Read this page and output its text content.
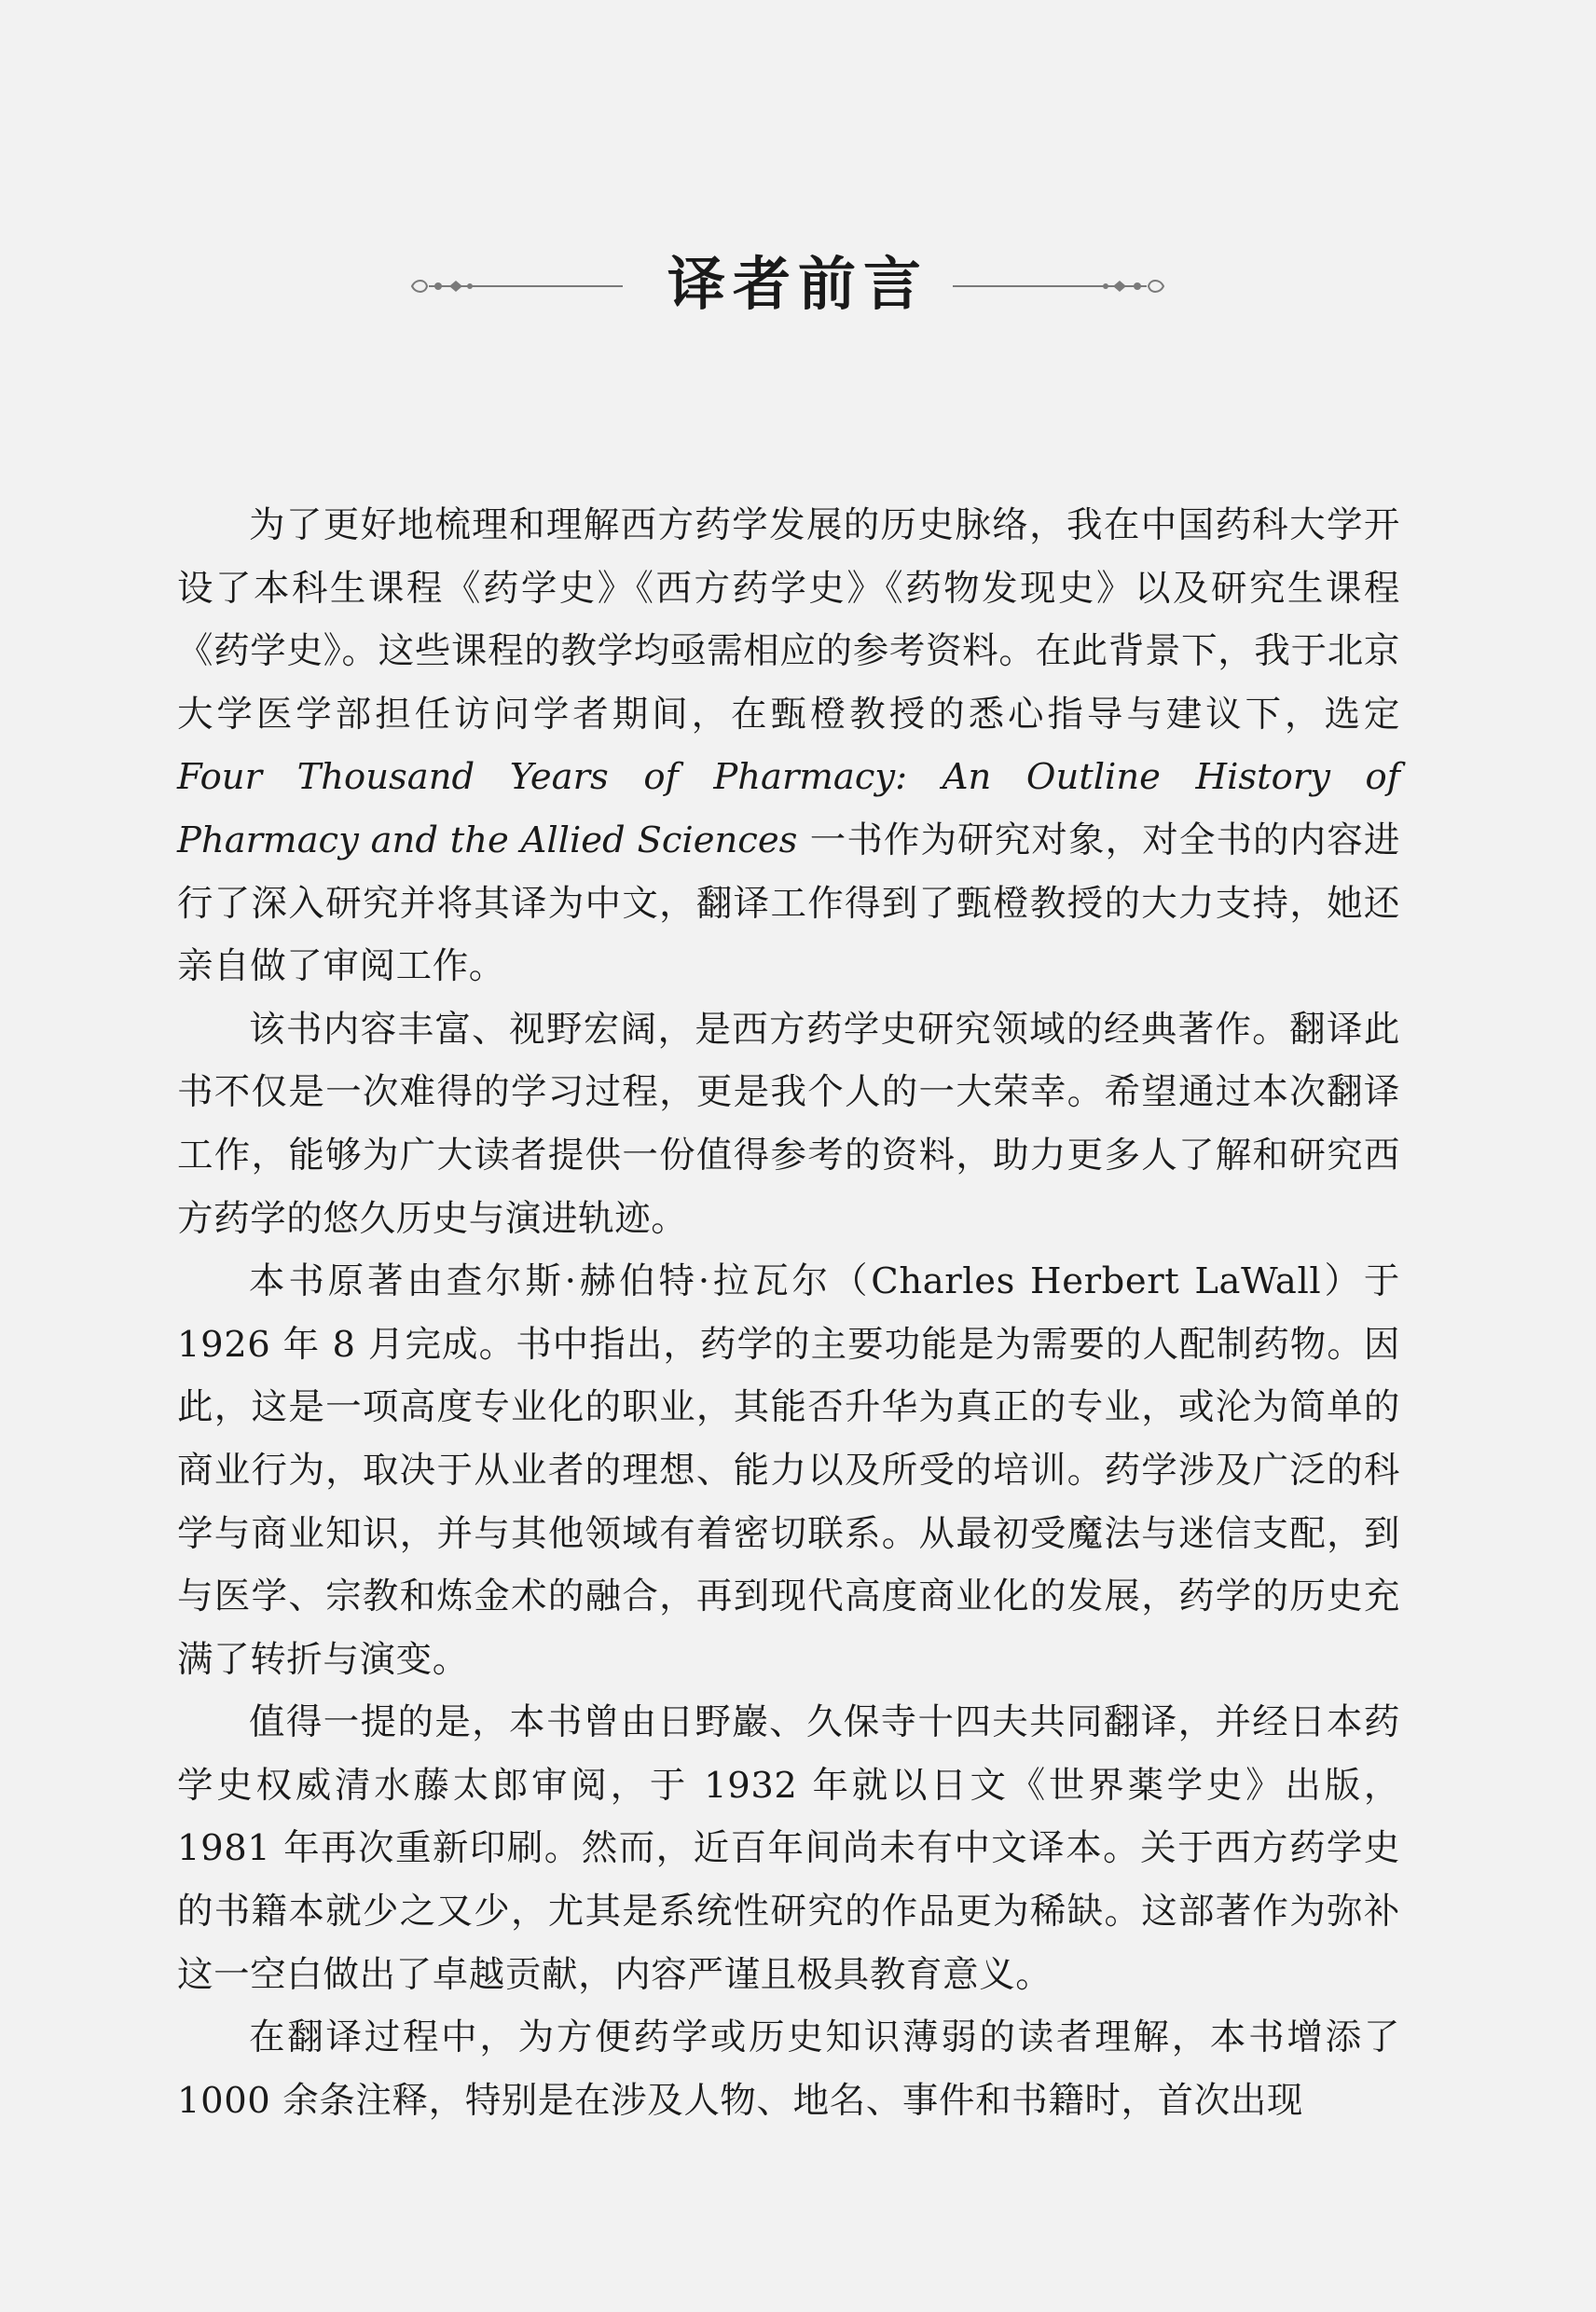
译者前言

为了更好地梳理和理解西方药学发展的历史脉络，我在中国药科大学开设了本科生课程《药学史》《西方药学史》《药物发现史》以及研究生课程《药学史》。这些课程的教学均亟需相应的参考资料。在此背景下，我于北京大学医学部担任访问学者期间，在甄橙教授的悉心指导与建议下，选定 Four Thousand Years of Pharmacy: An Outline History of Pharmacy and the Allied Sciences 一书作为研究对象，对全书的内容进行了深入研究并将其译为中文，翻译工作得到了甄橙教授的大力支持，她还亲自做了审阅工作。

该书内容丰富、视野宏阔，是西方药学史研究领域的经典著作。翻译此书不仅是一次难得的学习过程，更是我个人的一大荣幸。希望通过本次翻译工作，能够为广大读者提供一份值得参考的资料，助力更多人了解和研究西方药学的悠久历史与演进轨迹。

本书原著由查尔斯·赫伯特·拉瓦尔（Charles Herbert LaWall）于 1926 年 8 月完成。书中指出，药学的主要功能是为需要的人配制药物。因此，这是一项高度专业化的职业，其能否升华为真正的专业，或沦为简单的商业行为，取决于从业者的理想、能力以及所受的培训。药学涉及广泛的科学与商业知识，并与其他领域有着密切联系。从最初受魔法与迷信支配，到与医学、宗教和炼金术的融合，再到现代高度商业化的发展，药学的历史充满了转折与演变。

值得一提的是，本书曾由日野巖、久保寺十四夫共同翻译，并经日本药学史权威清水藤太郎审阅，于 1932 年就以日文《世界薬学史》出版，1981 年再次重新印刷。然而，近百年间尚未有中文译本。关于西方药学史的书籍本就少之又少，尤其是系统性研究的作品更为稀缺。这部著作为弥补这一空白做出了卓越贡献，内容严谨且极具教育意义。

在翻译过程中，为方便药学或历史知识薄弱的读者理解，本书增添了 1000 余条注释，特别是在涉及人物、地名、事件和书籍时，首次出现
